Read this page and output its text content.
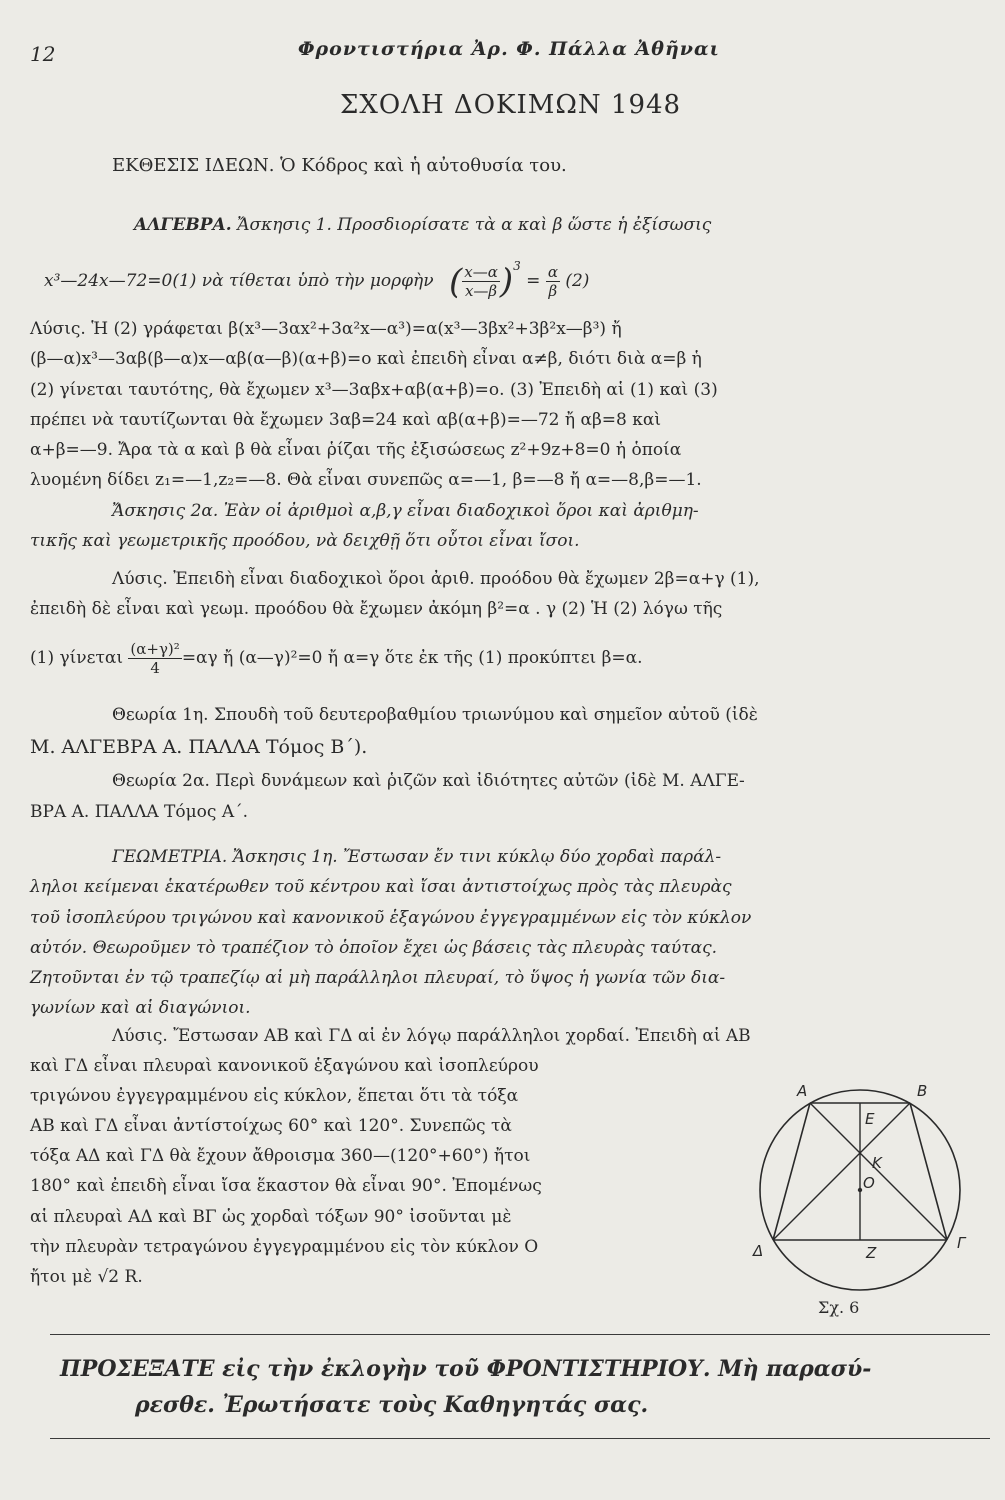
12	Φροντιστήρια Ἀρ. Φ. Πάλλα Ἀθῆναι
ΣΧΟΛΗ ΔΟΚΙΜΩΝ 1948
ΕΚΘΕΣΙΣ ΙΔΕΩΝ. Ὁ Κόδρος καὶ ἡ αὐτοθυσία του.
ΑΛΓΕΒΡΑ. Ἄσκησις 1. Προσδιορίσατε τὰ α καὶ β ὥστε ἡ ἐξίσωσις
x³—24x—72=0(1) νὰ τίθεται ὑπὸ τὴν μορφὴν ( $\frac{x—\alpha}{x—\beta} )^3 = \frac{\alpha}{\beta} (2)$
Λύσις. Ἡ (2) γράφεται β(x³—3αx²+3α²x—α³)=α(x³—3βx²+3β²x—β³) ἤ
(β—α)x³—3αβ(β—α)x—αβ(α—β)(α+β)=ο καὶ ἐπειδὴ εἶναι α≠β, διότι διὰ α=β ἡ
(2) γίνεται ταυτότης, θὰ ἔχωμεν x³—3αβx+αβ(α+β)=ο. (3) Ἐπειδὴ αἱ (1) καὶ (3)
πρέπει νὰ ταυτίζωνται θὰ ἔχωμεν 3αβ=24 καὶ αβ(α+β)=—72 ἤ αβ=8 καὶ
α+β=—9. Ἄρα τὰ α καὶ β θὰ εἶναι ῥίζαι τῆς ἐξισώσεως z²+9z+8=0 ἡ ὁποία
λυομένη δίδει z₁=—1,z₂=—8. Θὰ εἶναι συνεπῶς α=—1, β=—8 ἤ α=—8,β=—1.
Ἄσκησις 2α. Ἐὰν οἱ ἀριθμοὶ α,β,γ εἶναι διαδοχικοὶ ὅροι καὶ ἀριθμη-
τικῆς καὶ γεωμετρικῆς προόδου, νὰ δειχθῇ ὅτι οὗτοι εἶναι ἴσοι.
Λύσις. Ἐπειδὴ εἶναι διαδοχικοὶ ὅροι ἀριθ. προόδου θὰ ἔχωμεν 2β=α+γ (1),
ἐπειδὴ δὲ εἶναι καὶ γεωμ. προόδου θὰ ἔχωμεν ἀκόμη β²=α . γ (2) Ἡ (2) λόγω τῆς
(1) γίνεται $\frac{\text{(α+γ)²}}{4} =\alpha\gamma$ ἤ (α—γ)²=0 ἤ α=γ ὅτε ἐκ τῆς (1) προκύπτει β=α.
Θεωρία 1η. Σπουδὴ τοῦ δευτεροβαθμίου τριωνύμου καὶ σημεῖον αὐτοῦ (ἰδὲ
Μ. ΑΛΓΕΒΡΑ Α. ΠΑΛΛΑ Τόμος Β΄).
Θεωρία 2α. Περὶ δυνάμεων καὶ ῥιζῶν καὶ ἰδιότητες αὐτῶν (ἰδὲ Μ. ΑΛΓΕ-
ΒΡΑ Α. ΠΑΛΛΑ Τόμος Α΄.
ΓΕΩΜΕΤΡΙΑ. Ἄσκησις 1η. Ἔστωσαν ἔν τινι κύκλῳ δύο χορδαὶ παράλ-
ληλοι κείμεναι ἑκατέρωθεν τοῦ κέντρου καὶ ἴσαι ἀντιστοίχως πρὸς τὰς πλευρὰς
τοῦ ἰσοπλεύρου τριγώνου καὶ κανονικοῦ ἑξαγώνου ἐγγεγραμμένων εἰς τὸν κύκλον
αὐτόν. Θεωροῦμεν τὸ τραπέζιον τὸ ὁποῖον ἔχει ὡς βάσεις τὰς πλευρὰς ταύτας.
Ζητοῦνται ἐν τῷ τραπεζίῳ αἱ μὴ παράλληλοι πλευραί, τὸ ὕψος ἡ γωνία τῶν δια-
γωνίων καὶ αἱ διαγώνιοι.
Λύσις. Ἔστωσαν ΑΒ καὶ ΓΔ αἱ ἐν λόγῳ παράλληλοι χορδαί. Ἐπειδὴ αἱ ΑΒ
καὶ ΓΔ εἶναι πλευραὶ κανονικοῦ ἑξαγώνου καὶ ἰσοπλεύρου
τριγώνου ἐγγεγραμμένου εἰς κύκλον, ἕπεται ὅτι τὰ τόξα
ΑΒ καὶ ΓΔ εἶναι ἀντίστοίχως 60° καὶ 120°. Συνεπῶς τὰ
τόξα ΑΔ καὶ ΓΔ θὰ ἔχουν ἄθροισμα 360—(120°+60°) ἤτοι
180° καὶ ἐπειδὴ εἶναι ἴσα ἕκαστον θὰ εἶναι 90°. Ἐπομένως
αἱ πλευραὶ ΑΔ καὶ ΒΓ ὡς χορδαὶ τόξων 90° ἰσοῦνται μὲ
τὴν πλευρὰν τετραγώνου ἐγγεγραμμένου εἰς τὸν κύκλον Ο
ἤτοι μὲ √2 R.
Α	Β
Γ
Δ
Ε
Κ
Ο
Ζ
Σχ. 6
ΠΡΟΣΕΞΑΤΕ εἰς τὴν ἐκλογὴν τοῦ ΦΡΟΝΤΙΣΤΗΡΙΟΥ. Μὴ παρασύ-
ρεσθε. Ἐρωτήσατε τοὺς Καθηγητάς σας.
